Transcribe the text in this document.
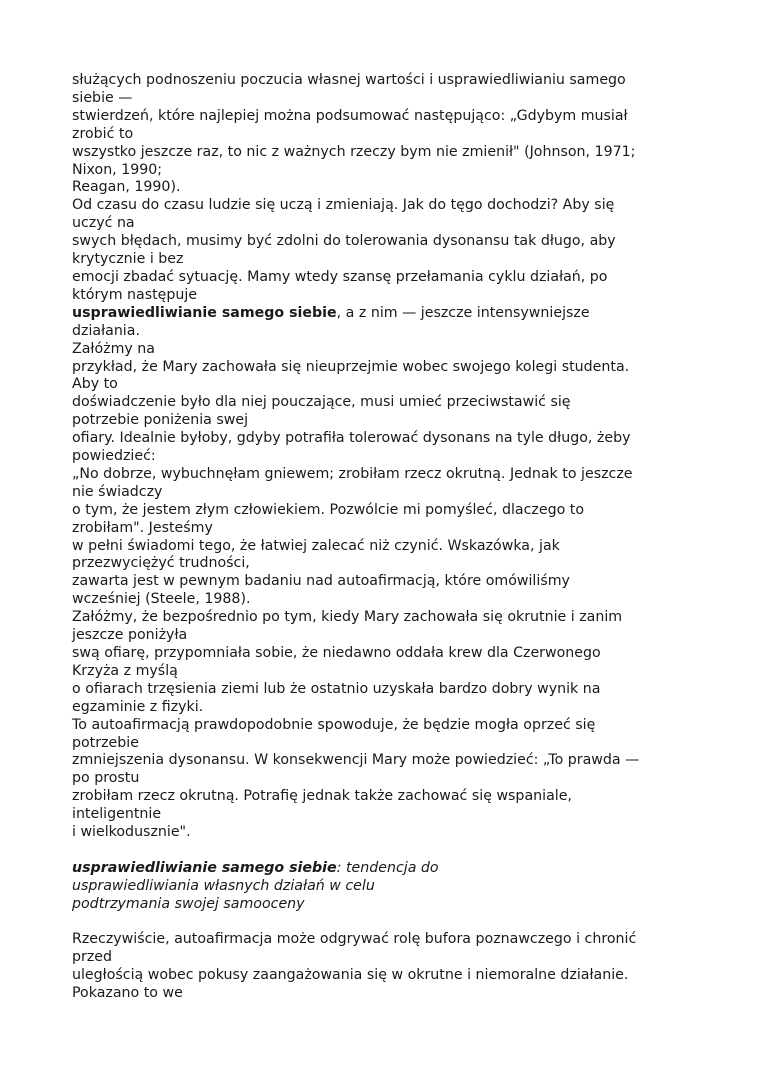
służących podnoszeniu poczucia własnej wartości i usprawiedliwianiu samego
siebie —
stwierdzeń, które najlepiej można podsumować następująco: „Gdybym musiał
zrobić to
wszystko jeszcze raz, to nic z ważnych rzeczy bym nie zmienił" (Johnson, 1971;
Nixon, 1990;
Reagan, 1990).
Od czasu do czasu ludzie się uczą i zmieniają. Jak do tęgo dochodzi? Aby się
uczyć na
swych błędach, musimy być zdolni do tolerowania dysonansu tak długo, aby
krytycznie i bez
emocji zbadać sytuację. Mamy wtedy szansę przełamania cyklu działań, po
którym następuje
usprawiedliwianie samego siebie, a z nim — jeszcze intensywniejsze
działania.
Załóżmy na
przykład, że Mary zachowała się nieuprzejmie wobec swojego kolegi studenta.
Aby to
doświadczenie było dla niej pouczające, musi umieć przeciwstawić się
potrzebie poniżenia swej
ofiary. Idealnie byłoby, gdyby potrafiła tolerować dysonans na tyle długo, żeby
powiedzieć:
„No dobrze, wybuchnęłam gniewem; zrobiłam rzecz okrutną. Jednak to jeszcze
nie świadczy
o tym, że jestem złym człowiekiem. Pozwólcie mi pomyśleć, dlaczego to
zrobiłam". Jesteśmy
w pełni świadomi tego, że łatwiej zalecać niż czynić. Wskazówka, jak
przezwyciężyć trudności,
zawarta jest w pewnym badaniu nad autoafirmacją, które omówiliśmy
wcześniej (Steele, 1988).
Załóżmy, że bezpośrednio po tym, kiedy Mary zachowała się okrutnie i zanim
jeszcze poniżyła
swą ofiarę, przypomniała sobie, że niedawno oddała krew dla Czerwonego
Krzyża z myślą
o ofiarach trzęsienia ziemi lub że ostatnio uzyskała bardzo dobry wynik na
egzaminie z fizyki.
To autoafirmacją prawdopodobnie spowoduje, że będzie mogła oprzeć się
potrzebie
zmniejszenia dysonansu. W konsekwencji Mary może powiedzieć: „To prawda —
po prostu
zrobiłam rzecz okrutną. Potrafię jednak także zachować się wspaniale,
inteligentnie
i wielkodusznie".
usprawiedliwianie samego siebie: tendencja do
usprawiedliwiania własnych działań w celu
podtrzymania swojej samooceny
Rzeczywiście, autoafirmacja może odgrywać rolę bufora poznawczego i chronić
przed
uległością wobec pokusy zaangażowania się w okrutne i niemoralne działanie.
Pokazano to we
